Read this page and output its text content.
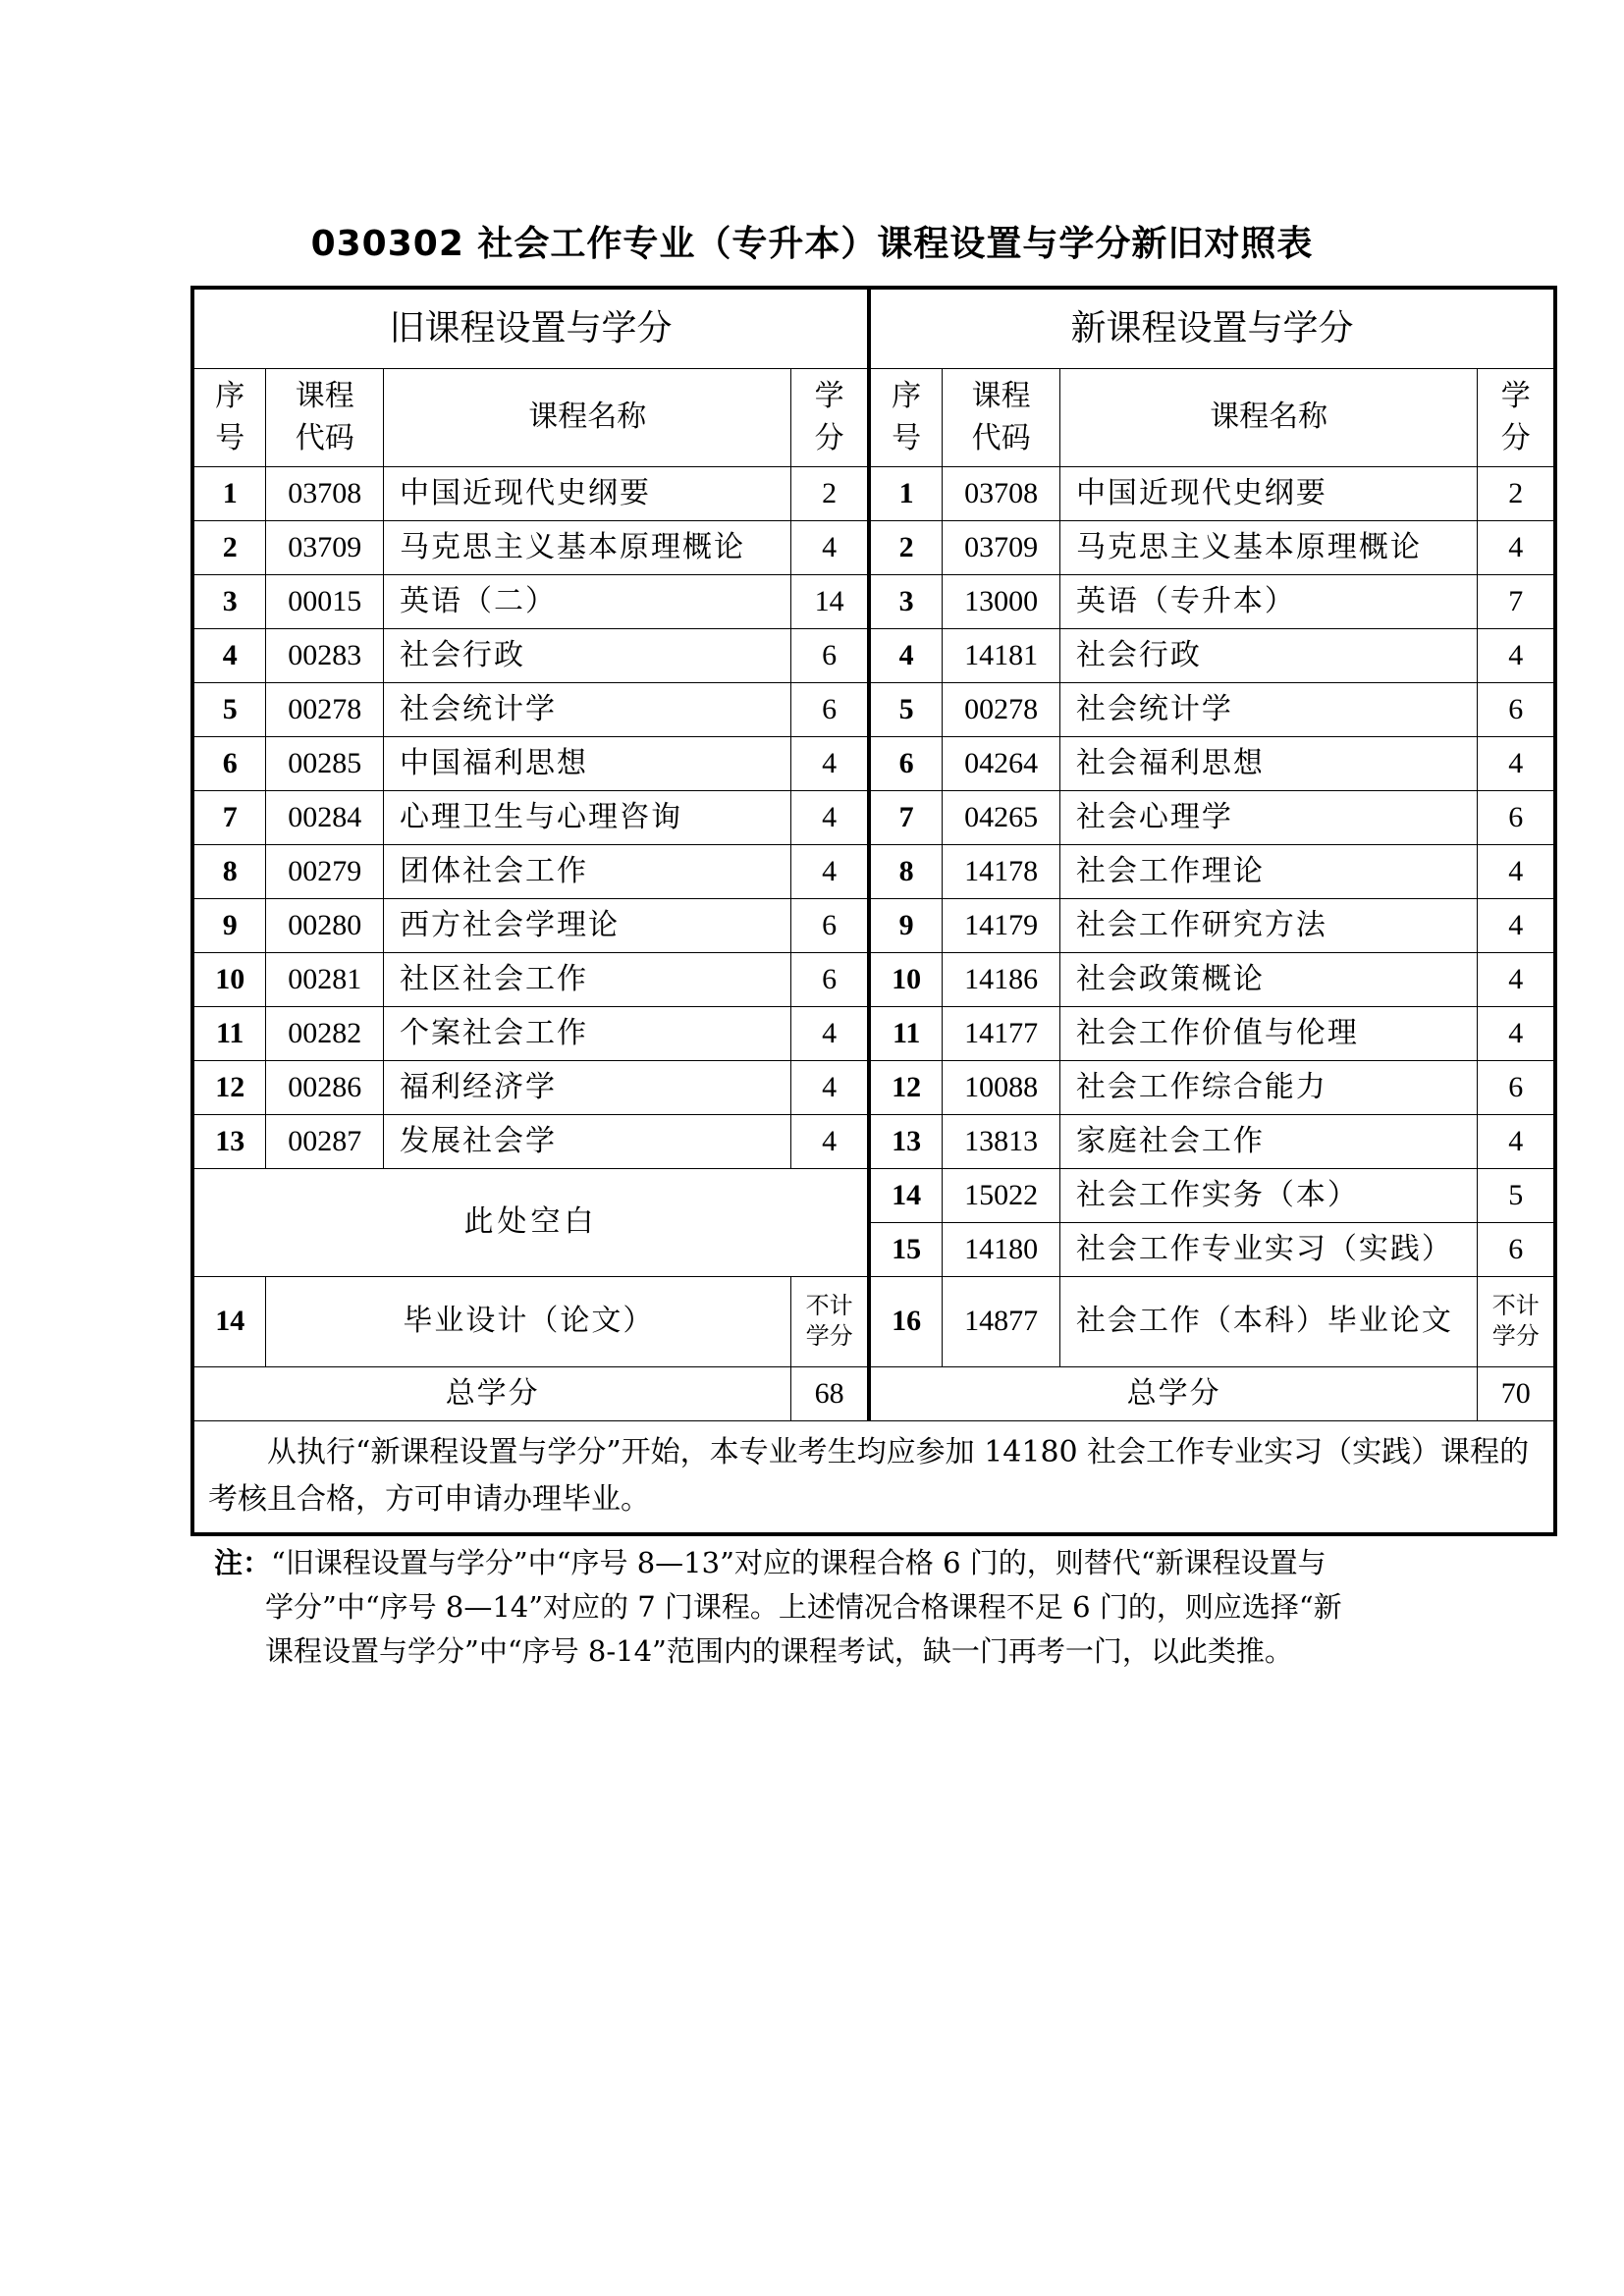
030302 社会工作专业（专升本）课程设置与学分新旧对照表
旧课程设置与学分				新课程设置与学分			
序号	课程代码	课程名称	学分	序号	课程代码	课程名称	学分
1	03708	中国近现代史纲要	2	1	03708	中国近现代史纲要	2
2	03709	马克思主义基本原理概论	4	2	03709	马克思主义基本原理概论	4
3	00015	英语（二）	14	3	13000	英语（专升本）	7
4	00283	社会行政	6	4	14181	社会行政	4
5	00278	社会统计学	6	5	00278	社会统计学	6
6	00285	中国福利思想	4	6	04264	社会福利思想	4
7	00284	心理卫生与心理咨询	4	7	04265	社会心理学	6
8	00279	团体社会工作	4	8	14178	社会工作理论	4
9	00280	西方社会学理论	6	9	14179	社会工作研究方法	4
10	00281	社区社会工作	6	10	14186	社会政策概论	4
11	00282	个案社会工作	4	11	14177	社会工作价值与伦理	4
12	00286	福利经济学	4	12	10088	社会工作综合能力	6
13	00287	发展社会学	4	13	13813	家庭社会工作	4
此处空白				14	15022	社会工作实务（本）	5
				15	14180	社会工作专业实习（实践）	6
14	毕业设计（论文）		不计学分	16	14877	社会工作（本科）毕业论文	不计学分
总学分			68	总学分			70

从执行“新课程设置与学分”开始，本专业考生均应参加 14180 社会工作专业实习（实践）课程的考核且合格，方可申请办理毕业。							
注：“旧课程设置与学分”中“序号 8—13”对应的课程合格 6 门的，则替代“新课程设置与
学分”中“序号 8—14”对应的 7 门课程。上述情况合格课程不足 6 门的，则应选择“新
课程设置与学分”中“序号 8-14”范围内的课程考试，缺一门再考一门，以此类推。
